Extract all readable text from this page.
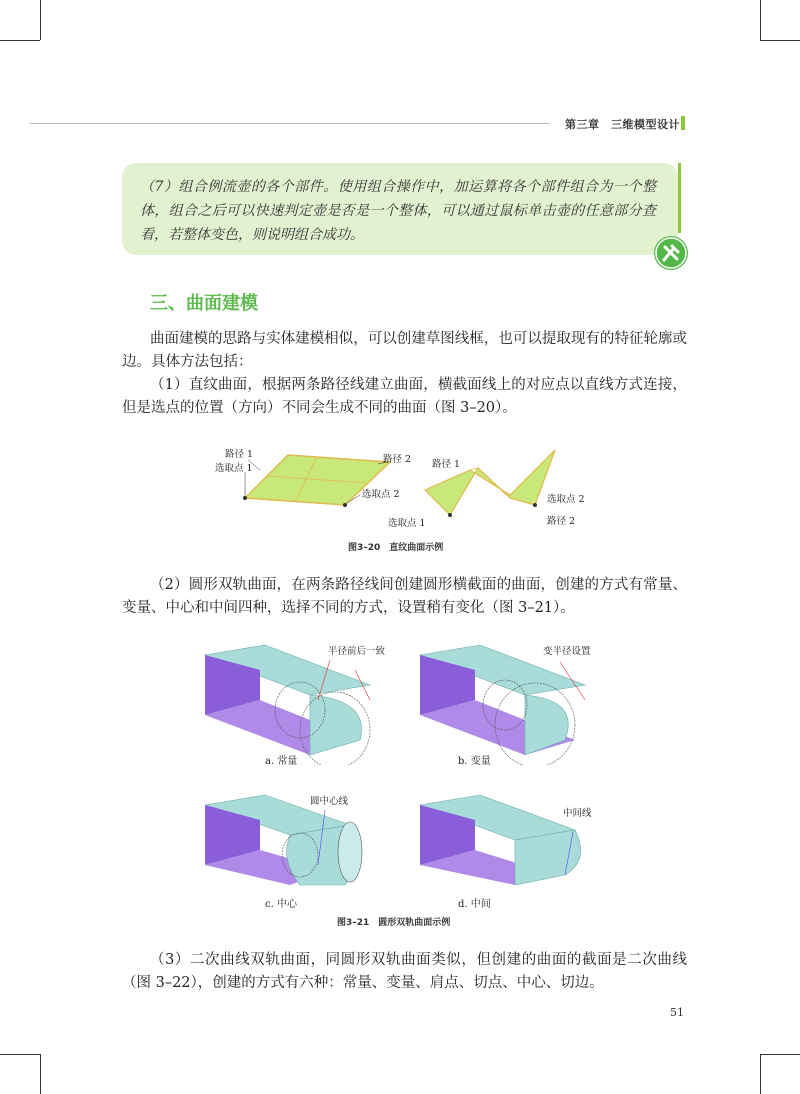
第三章　三维模型设计

（7）组合例流壶的各个部件。使用组合操作中，加运算将各个部件组合为一个整体，组合之后可以快速判定壶是否是一个整体，可以通过鼠标单击壶的任意部分查看，若整体变色，则说明组合成功。

三、曲面建模

曲面建模的思路与实体建模相似，可以创建草图线框，也可以提取现有的特征轮廓或边。具体方法包括：

（1）直纹曲面，根据两条路径线建立曲面，横截面线上的对应点以直线方式连接，但是选点的位置（方向）不同会生成不同的曲面（图 3–20）。

路径 1
选取点 1
路径 2
选取点 2
路径 1
选取点 1	路径 2
选取点 2
图3–20　直纹曲面示例

（2）圆形双轨曲面，在两条路径线间创建圆形横截面的曲面，创建的方式有常量、变量、中心和中间四种，选择不同的方式，设置稍有变化（图 3–21）。

半径前后一致
a. 常量
变半径设置
b. 变量
圆中心线
c. 中心
中间线
d. 中间
图3–21　圆形双轨曲面示例

（3）二次曲线双轨曲面，同圆形双轨曲面类似，但创建的曲面的截面是二次曲线（图 3–22），创建的方式有六种：常量、变量、肩点、切点、中心、切边。

51
